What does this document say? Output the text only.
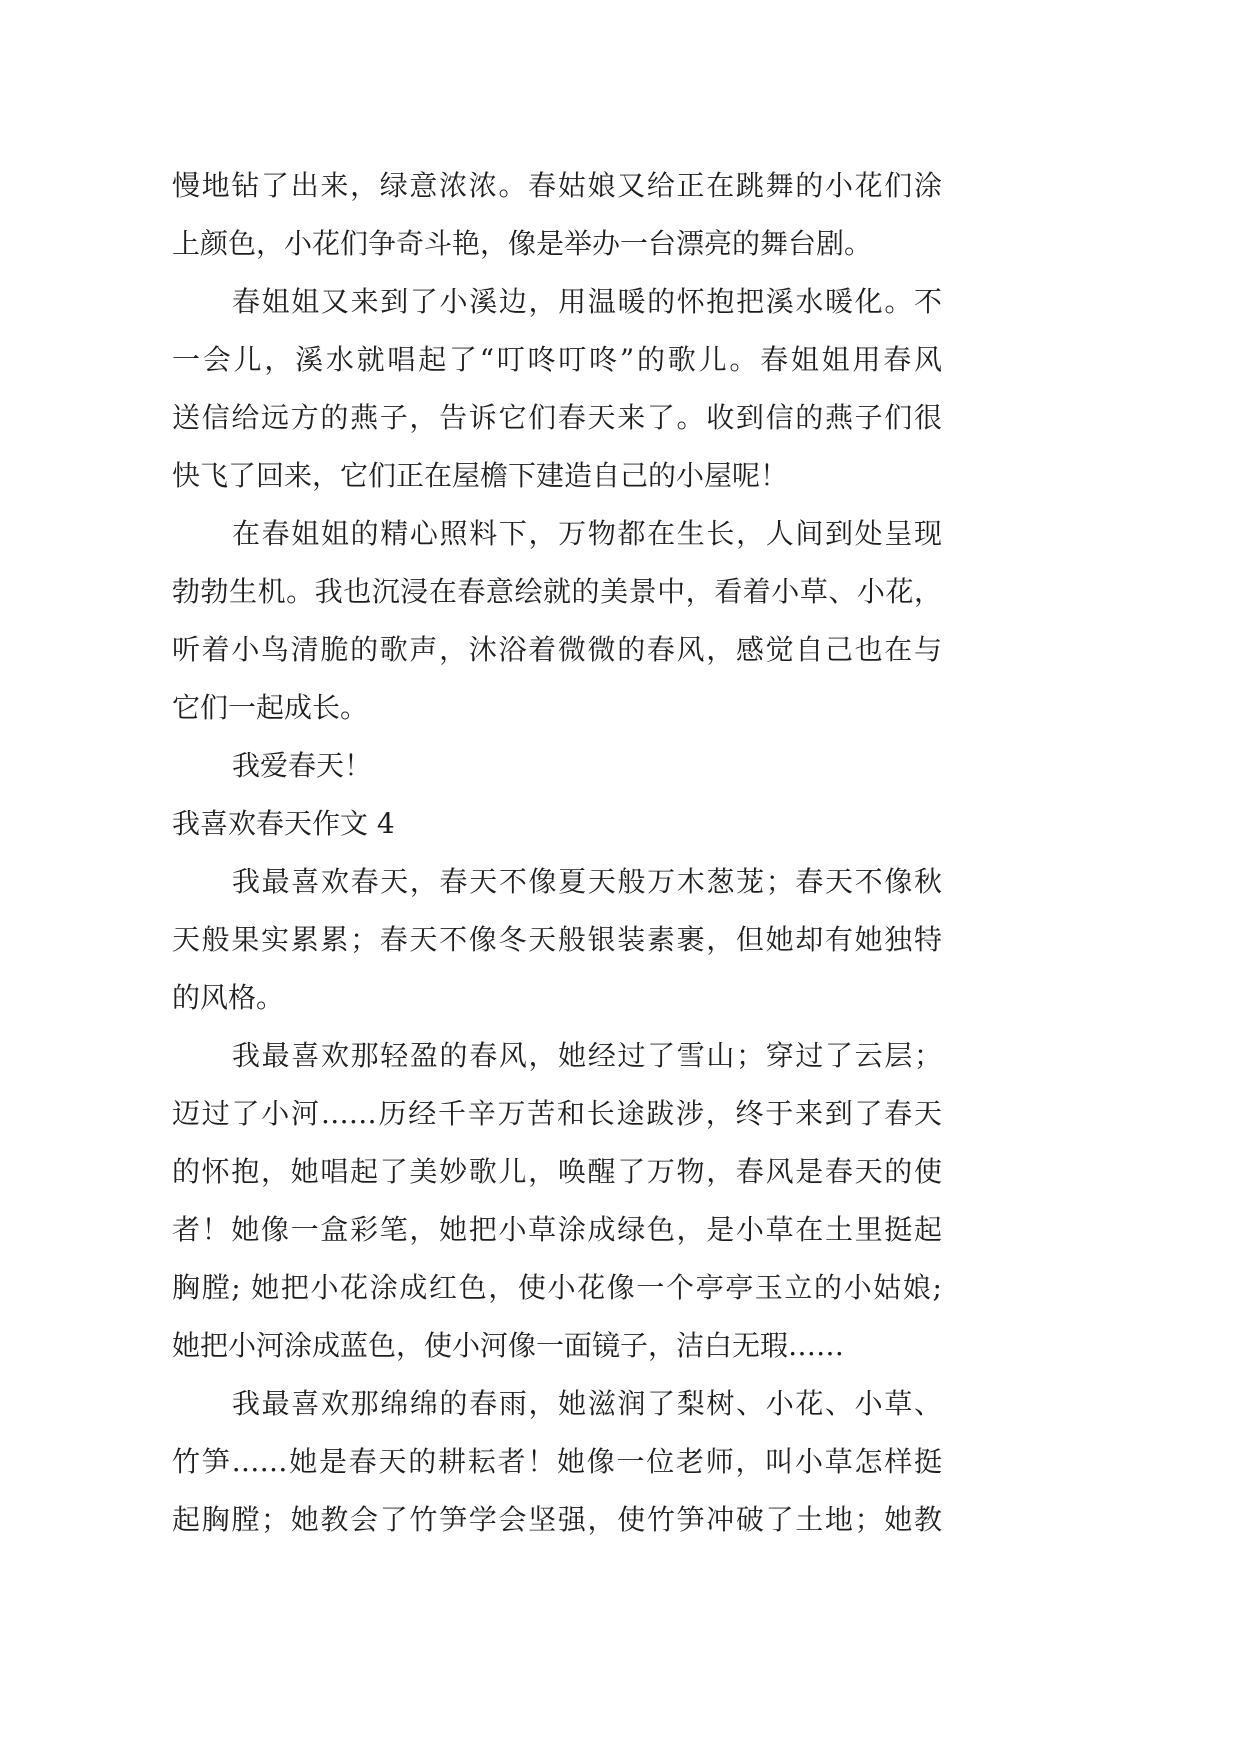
慢地钻了出来，绿意浓浓。春姑娘又给正在跳舞的小花们涂
上颜色，小花们争奇斗艳，像是举办一台漂亮的舞台剧。
春姐姐又来到了小溪边，用温暖的怀抱把溪水暖化。不
一会儿，溪水就唱起了“叮咚叮咚”的歌儿。春姐姐用春风
送信给远方的燕子，告诉它们春天来了。收到信的燕子们很
快飞了回来，它们正在屋檐下建造自己的小屋呢！
在春姐姐的精心照料下，万物都在生长，人间到处呈现
勃勃生机。我也沉浸在春意绘就的美景中，看着小草、小花，
听着小鸟清脆的歌声，沐浴着微微的春风，感觉自己也在与
它们一起成长。
我爱春天！
我喜欢春天作文 4
我最喜欢春天，春天不像夏天般万木葱茏；春天不像秋
天般果实累累；春天不像冬天般银装素裹，但她却有她独特
的风格。
我最喜欢那轻盈的春风，她经过了雪山；穿过了云层；
迈过了小河……历经千辛万苦和长途跋涉，终于来到了春天
的怀抱，她唱起了美妙歌儿，唤醒了万物，春风是春天的使
者！她像一盒彩笔，她把小草涂成绿色，是小草在土里挺起
胸膛; 她把小花涂成红色，使小花像一个亭亭玉立的小姑娘;
她把小河涂成蓝色，使小河像一面镜子，洁白无瑕……
我最喜欢那绵绵的春雨，她滋润了梨树、小花、小草、
竹笋……她是春天的耕耘者！她像一位老师，叫小草怎样挺
起胸膛；她教会了竹笋学会坚强，使竹笋冲破了土地；她教
